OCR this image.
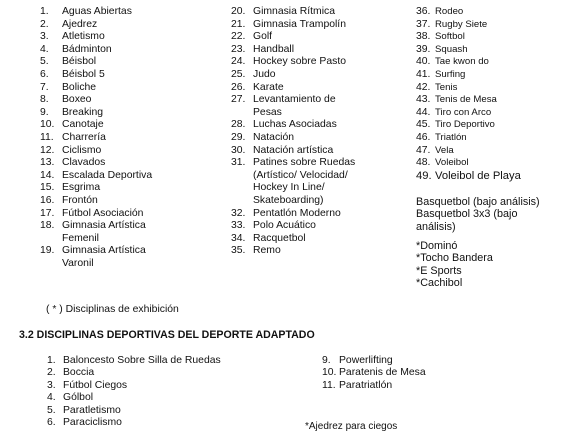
1.	Aguas Abiertas
2.	Ajedrez
3.	Atletismo
4.	Bádminton
5.	Béisbol
6.	Béisbol 5
7.	Boliche
8.	Boxeo
9.	Breaking
10. Canotaje
11. Charrería
12. Ciclismo
13. Clavados
14. Escalada Deportiva
15. Esgrima
16. Frontón
17. Fútbol Asociación
18. Gimnasia Artística
Femenil
19. Gimnasia Artística
Varonil
20. Gimnasia Rítmica
21. Gimnasia Trampolín
22. Golf
23. Handball
24. Hockey sobre Pasto
25. Judo
26. Karate
27. Levantamiento de
Pesas
28. Luchas Asociadas
29. Natación
30. Natación artística
31. Patines sobre Ruedas
(Artístico/ Velocidad/
Hockey In Line/
Skateboarding)
32. Pentatlón Moderno
33. Polo Acuático
34. Racquetbol
35. Remo
36. Rodeo
37. Rugby Siete
38. Softbol
39. Squash
40. Tae kwon do
41. Surfing
42. Tenis
43. Tenis de Mesa
44. Tiro con Arco
45. Tiro Deportivo
46. Triatlón
47. Vela
48. Voleibol
49. Voleibol de Playa
Basquetbol (bajo análisis)
Basquetbol 3x3 (bajo
análisis)
*Dominó
*Tocho Bandera
*E Sports
*Cachibol
( * ) Disciplinas de exhibición
3.2 DISCIPLINAS DEPORTIVAS DEL DEPORTE ADAPTADO
1. Baloncesto Sobre Silla de Ruedas
2. Boccia
3. Fútbol Ciegos
4. Gólbol
5. Paratletismo
6. Paraciclismo
9. Powerlifting
10. Paratenis de Mesa
11. Paratriatlón
*Ajedrez para ciegos
